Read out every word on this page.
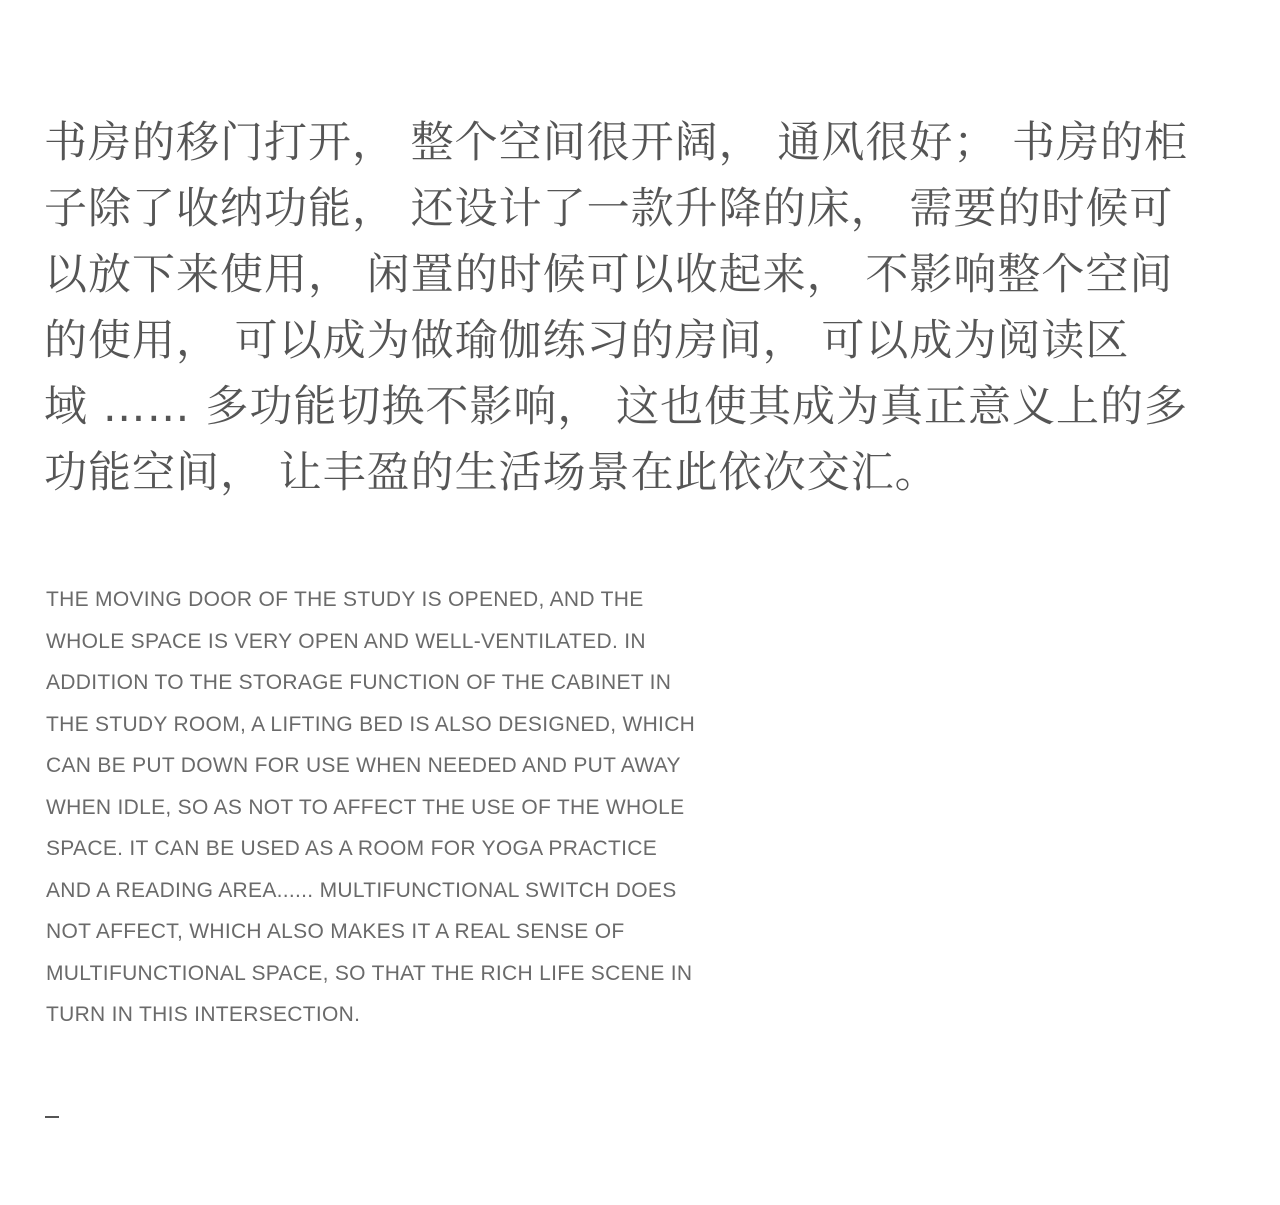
书房的移门打开， 整个空间很开阔， 通风很好； 书房的柜
子除了收纳功能， 还设计了一款升降的床， 需要的时候可
以放下来使用， 闲置的时候可以收起来， 不影响整个空间
的使用， 可以成为做瑜伽练习的房间， 可以成为阅读区
域 …… 多功能切换不影响， 这也使其成为真正意义上的多
功能空间， 让丰盈的生活场景在此依次交汇。
THE MOVING DOOR OF THE STUDY IS OPENED, AND THE
WHOLE SPACE IS VERY OPEN AND WELL-VENTILATED. IN
ADDITION TO THE STORAGE FUNCTION OF THE CABINET IN
THE STUDY ROOM, A LIFTING BED IS ALSO DESIGNED, WHICH
CAN BE PUT DOWN FOR USE WHEN NEEDED AND PUT AWAY
WHEN IDLE, SO AS NOT TO AFFECT THE USE OF THE WHOLE
SPACE. IT CAN BE USED AS A ROOM FOR YOGA PRACTICE
AND A READING AREA...... MULTIFUNCTIONAL SWITCH DOES
NOT AFFECT, WHICH ALSO MAKES IT A REAL SENSE OF
MULTIFUNCTIONAL SPACE, SO THAT THE RICH LIFE SCENE IN
TURN IN THIS INTERSECTION.
